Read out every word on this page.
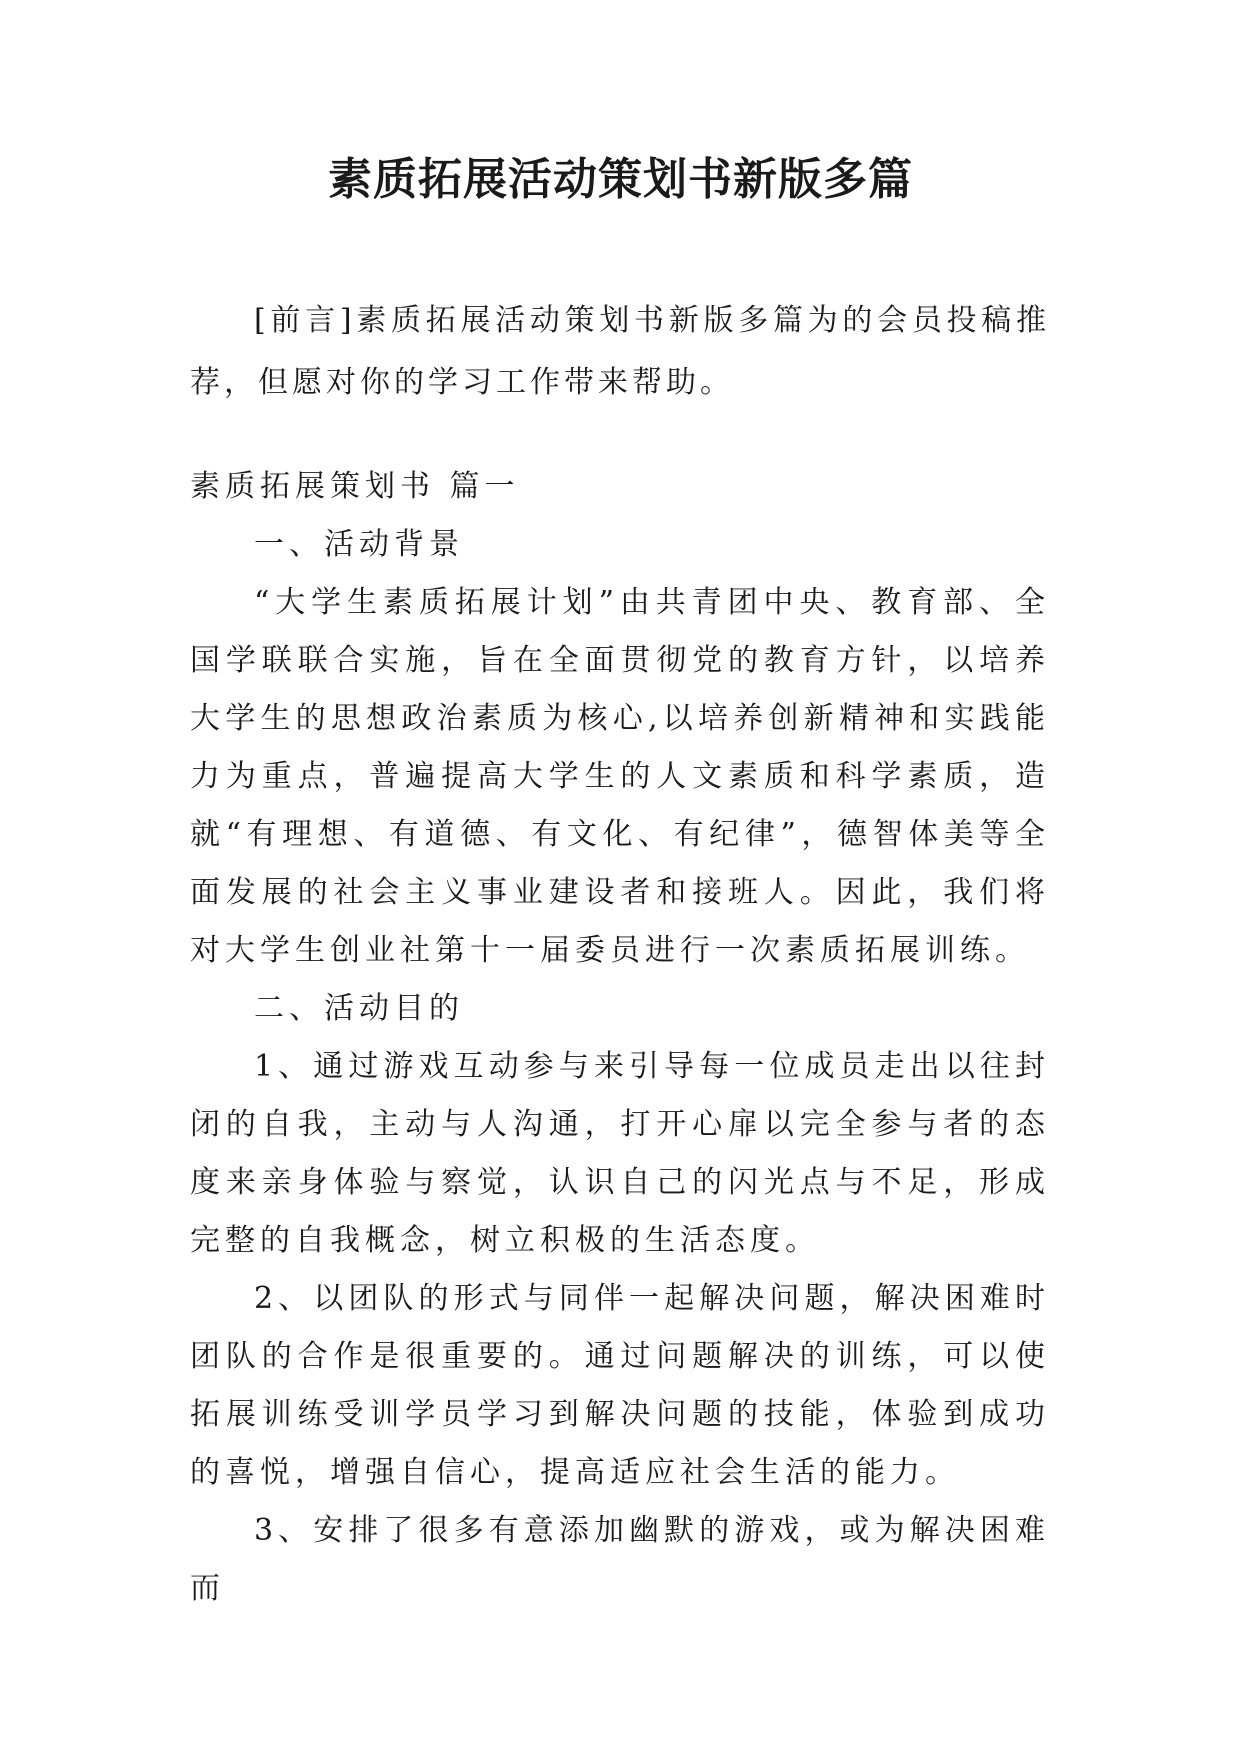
素质拓展活动策划书新版多篇

[前言]素质拓展活动策划书新版多篇为的会员投稿推荐，但愿对你的学习工作带来帮助。

素质拓展策划书 篇一

一、活动背景

“大学生素质拓展计划”由共青团中央、教育部、全国学联联合实施，旨在全面贯彻党的教育方针，以培养大学生的思想政治素质为核心,以培养创新精神和实践能力为重点，普遍提高大学生的人文素质和科学素质，造就“有理想、有道德、有文化、有纪律”，德智体美等全面发展的社会主义事业建设者和接班人。因此，我们将对大学生创业社第十一届委员进行一次素质拓展训练。

二、活动目的

1、通过游戏互动参与来引导每一位成员走出以往封闭的自我，主动与人沟通，打开心扉以完全参与者的态度来亲身体验与察觉，认识自己的闪光点与不足，形成完整的自我概念，树立积极的生活态度。

2、以团队的形式与同伴一起解决问题，解决困难时团队的合作是很重要的。通过问题解决的训练，可以使拓展训练受训学员学习到解决问题的技能，体验到成功的喜悦，增强自信心，提高适应社会生活的能力。

3、安排了很多有意添加幽默的游戏，或为解决困难而
